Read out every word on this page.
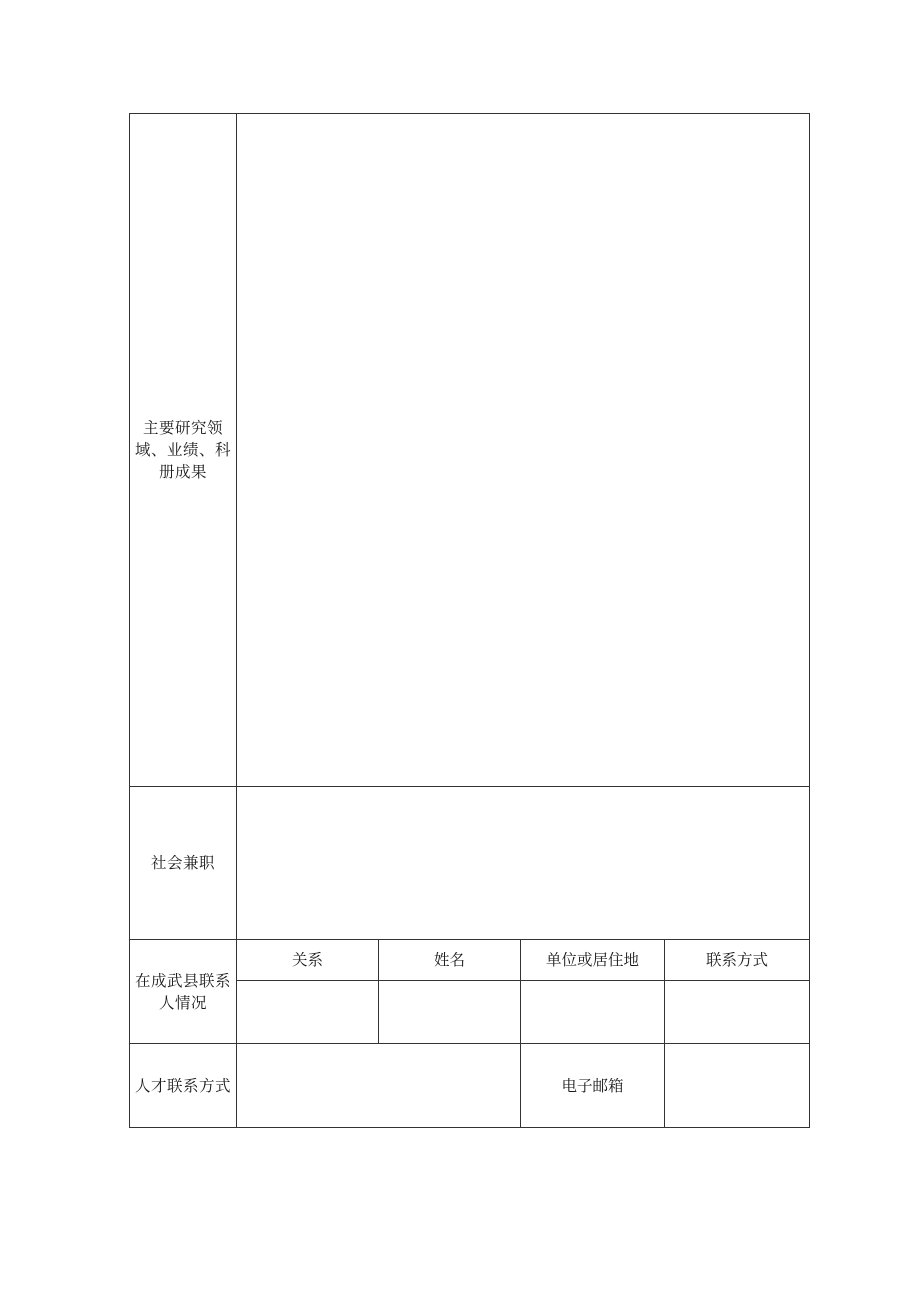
主要研究领
域、业绩、科
册成果				

社会兼职				

在成武县联系
人情况	关系	姓名	单位或居住地	联系方式

人才联系方式			电子邮箱	
